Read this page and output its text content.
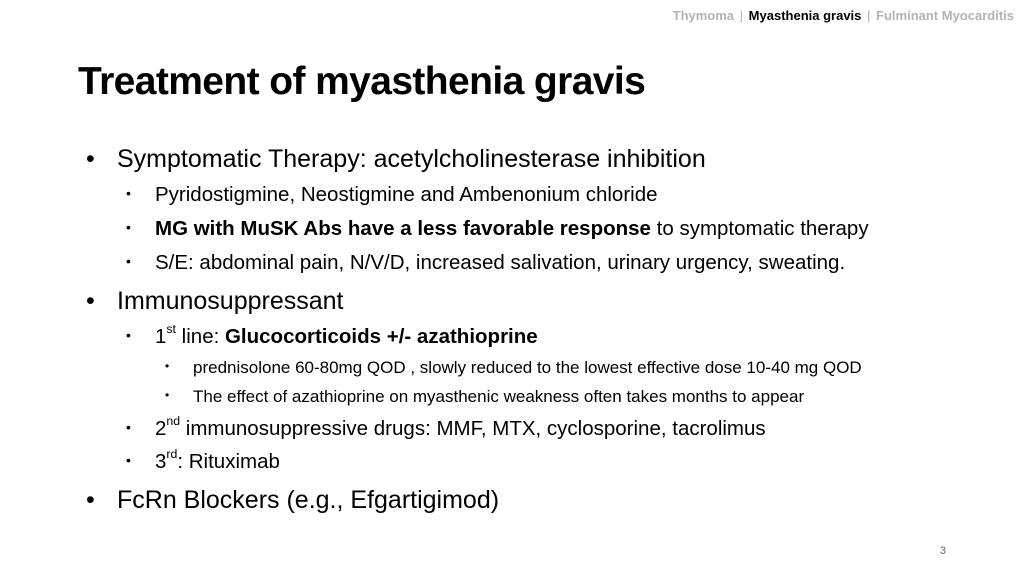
Thymoma | Myasthenia gravis | Fulminant Myocarditis
Treatment of myasthenia gravis
• Symptomatic Therapy: acetylcholinesterase inhibition
• Pyridostigmine, Neostigmine and Ambenonium chloride
• MG with MuSK Abs have a less favorable response to symptomatic therapy
• S/E: abdominal pain, N/V/D, increased salivation, urinary urgency, sweating.
• Immunosuppressant
• 1st line: Glucocorticoids +/- azathioprine
• prednisolone 60-80mg QOD , slowly reduced to the lowest effective dose 10-40 mg QOD
• The effect of azathioprine on myasthenic weakness often takes months to appear
• 2nd immunosuppressive drugs: MMF, MTX, cyclosporine, tacrolimus
• 3rd: Rituximab
• FcRn Blockers (e.g., Efgartigimod)
3
